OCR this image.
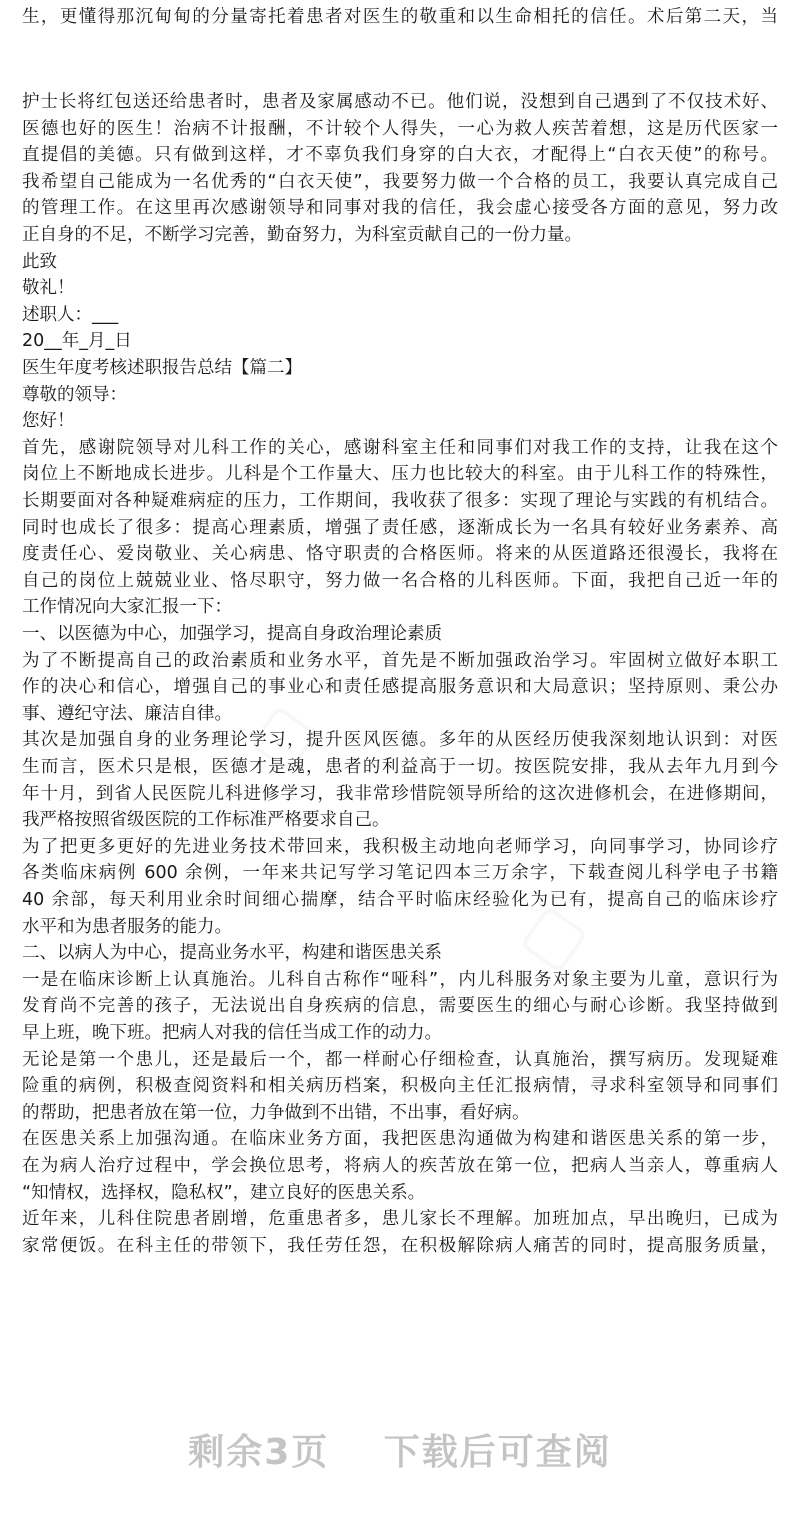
▢
▢
生，更懂得那沉甸甸的分量寄托着患者对医生的敬重和以生命相托的信任。术后第二天，当
护士长将红包送还给患者时，患者及家属感动不已。他们说，没想到自己遇到了不仅技术好、
医德也好的医生！治病不计报酬，不计较个人得失，一心为救人疾苦着想，这是历代医家一
直提倡的美德。只有做到这样，才不辜负我们身穿的白大衣，才配得上“白衣天使”的称号。
我希望自己能成为一名优秀的“白衣天使”，我要努力做一个合格的员工，我要认真完成自己
的管理工作。在这里再次感谢领导和同事对我的信任，我会虚心接受各方面的意见，努力改
正自身的不足，不断学习完善，勤奋努力，为科室贡献自己的一份力量。
此致
敬礼！
述职人：___
20__年_月_日
医生年度考核述职报告总结【篇二】
尊敬的领导：
您好！
首先，感谢院领导对儿科工作的关心，感谢科室主任和同事们对我工作的支持，让我在这个
岗位上不断地成长进步。儿科是个工作量大、压力也比较大的科室。由于儿科工作的特殊性，
长期要面对各种疑难病症的压力，工作期间，我收获了很多：实现了理论与实践的有机结合。
同时也成长了很多：提高心理素质，增强了责任感，逐渐成长为一名具有较好业务素养、高
度责任心、爱岗敬业、关心病患、恪守职责的合格医师。将来的从医道路还很漫长，我将在
自己的岗位上兢兢业业、恪尽职守，努力做一名合格的儿科医师。下面，我把自己近一年的
工作情况向大家汇报一下：
一、以医德为中心，加强学习，提高自身政治理论素质
为了不断提高自己的政治素质和业务水平，首先是不断加强政治学习。牢固树立做好本职工
作的决心和信心，增强自己的事业心和责任感提高服务意识和大局意识；坚持原则、秉公办
事、遵纪守法、廉洁自律。
其次是加强自身的业务理论学习，提升医风医德。多年的从医经历使我深刻地认识到：对医
生而言，医术只是根，医德才是魂，患者的利益高于一切。按医院安排，我从去年九月到今
年十月，到省人民医院儿科进修学习，我非常珍惜院领导所给的这次进修机会，在进修期间，
我严格按照省级医院的工作标准严格要求自己。
为了把更多更好的先进业务技术带回来，我积极主动地向老师学习，向同事学习，协同诊疗
各类临床病例 600 余例，一年来共记写学习笔记四本三万余字，下载查阅儿科学电子书籍
40 余部，每天利用业余时间细心揣摩，结合平时临床经验化为已有，提高自己的临床诊疗
水平和为患者服务的能力。
二、以病人为中心，提高业务水平，构建和谐医患关系
一是在临床诊断上认真施治。儿科自古称作“哑科”，内儿科服务对象主要为儿童，意识行为
发育尚不完善的孩子，无法说出自身疾病的信息，需要医生的细心与耐心诊断。我坚持做到
早上班，晚下班。把病人对我的信任当成工作的动力。
无论是第一个患儿，还是最后一个，都一样耐心仔细检查，认真施治，撰写病历。发现疑难
险重的病例，积极查阅资料和相关病历档案，积极向主任汇报病情，寻求科室领导和同事们
的帮助，把患者放在第一位，力争做到不出错，不出事，看好病。
在医患关系上加强沟通。在临床业务方面，我把医患沟通做为构建和谐医患关系的第一步，
在为病人治疗过程中，学会换位思考，将病人的疾苦放在第一位，把病人当亲人，尊重病人
“知情权，选择权，隐私权”，建立良好的医患关系。
近年来，儿科住院患者剧增，危重患者多，患儿家长不理解。加班加点，早出晚归，已成为
家常便饭。在科主任的带领下，我任劳任怨，在积极解除病人痛苦的同时，提高服务质量，
剩余3页 下载后可查阅
